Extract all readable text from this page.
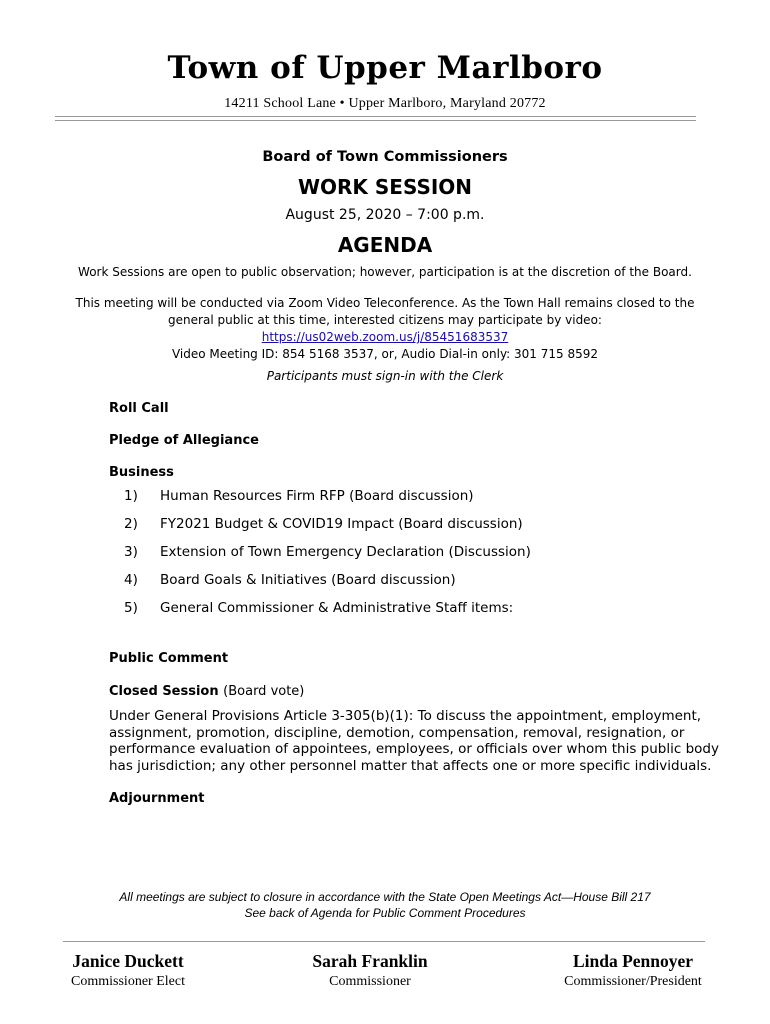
Town of Upper Marlboro
14211 School Lane • Upper Marlboro, Maryland 20772
Board of Town Commissioners
WORK SESSION
August 25, 2020 – 7:00 p.m.
AGENDA
Work Sessions are open to public observation; however, participation is at the discretion of the Board.
This meeting will be conducted via Zoom Video Teleconference. As the Town Hall remains closed to the
general public at this time, interested citizens may participate by video:
https://us02web.zoom.us/j/85451683537
Video Meeting ID: 854 5168 3537, or, Audio Dial-in only: 301 715 8592
Participants must sign-in with the Clerk
Roll Call
Pledge of Allegiance
Business
1) Human Resources Firm RFP (Board discussion)
2) FY2021 Budget & COVID19 Impact (Board discussion)
3) Extension of Town Emergency Declaration (Discussion)
4) Board Goals & Initiatives (Board discussion)
5) General Commissioner & Administrative Staff items:
Public Comment
Closed Session (Board vote)
Under General Provisions Article 3-305(b)(1): To discuss the appointment, employment, assignment, promotion, discipline, demotion, compensation, removal, resignation, or performance evaluation of appointees, employees, or officials over whom this public body has jurisdiction; any other personnel matter that affects one or more specific individuals.
Adjournment
All meetings are subject to closure in accordance with the State Open Meetings Act—House Bill 217
See back of Agenda for Public Comment Procedures
Janice Duckett
Commissioner Elect
Sarah Franklin
Commissioner
Linda Pennoyer
Commissioner/President
